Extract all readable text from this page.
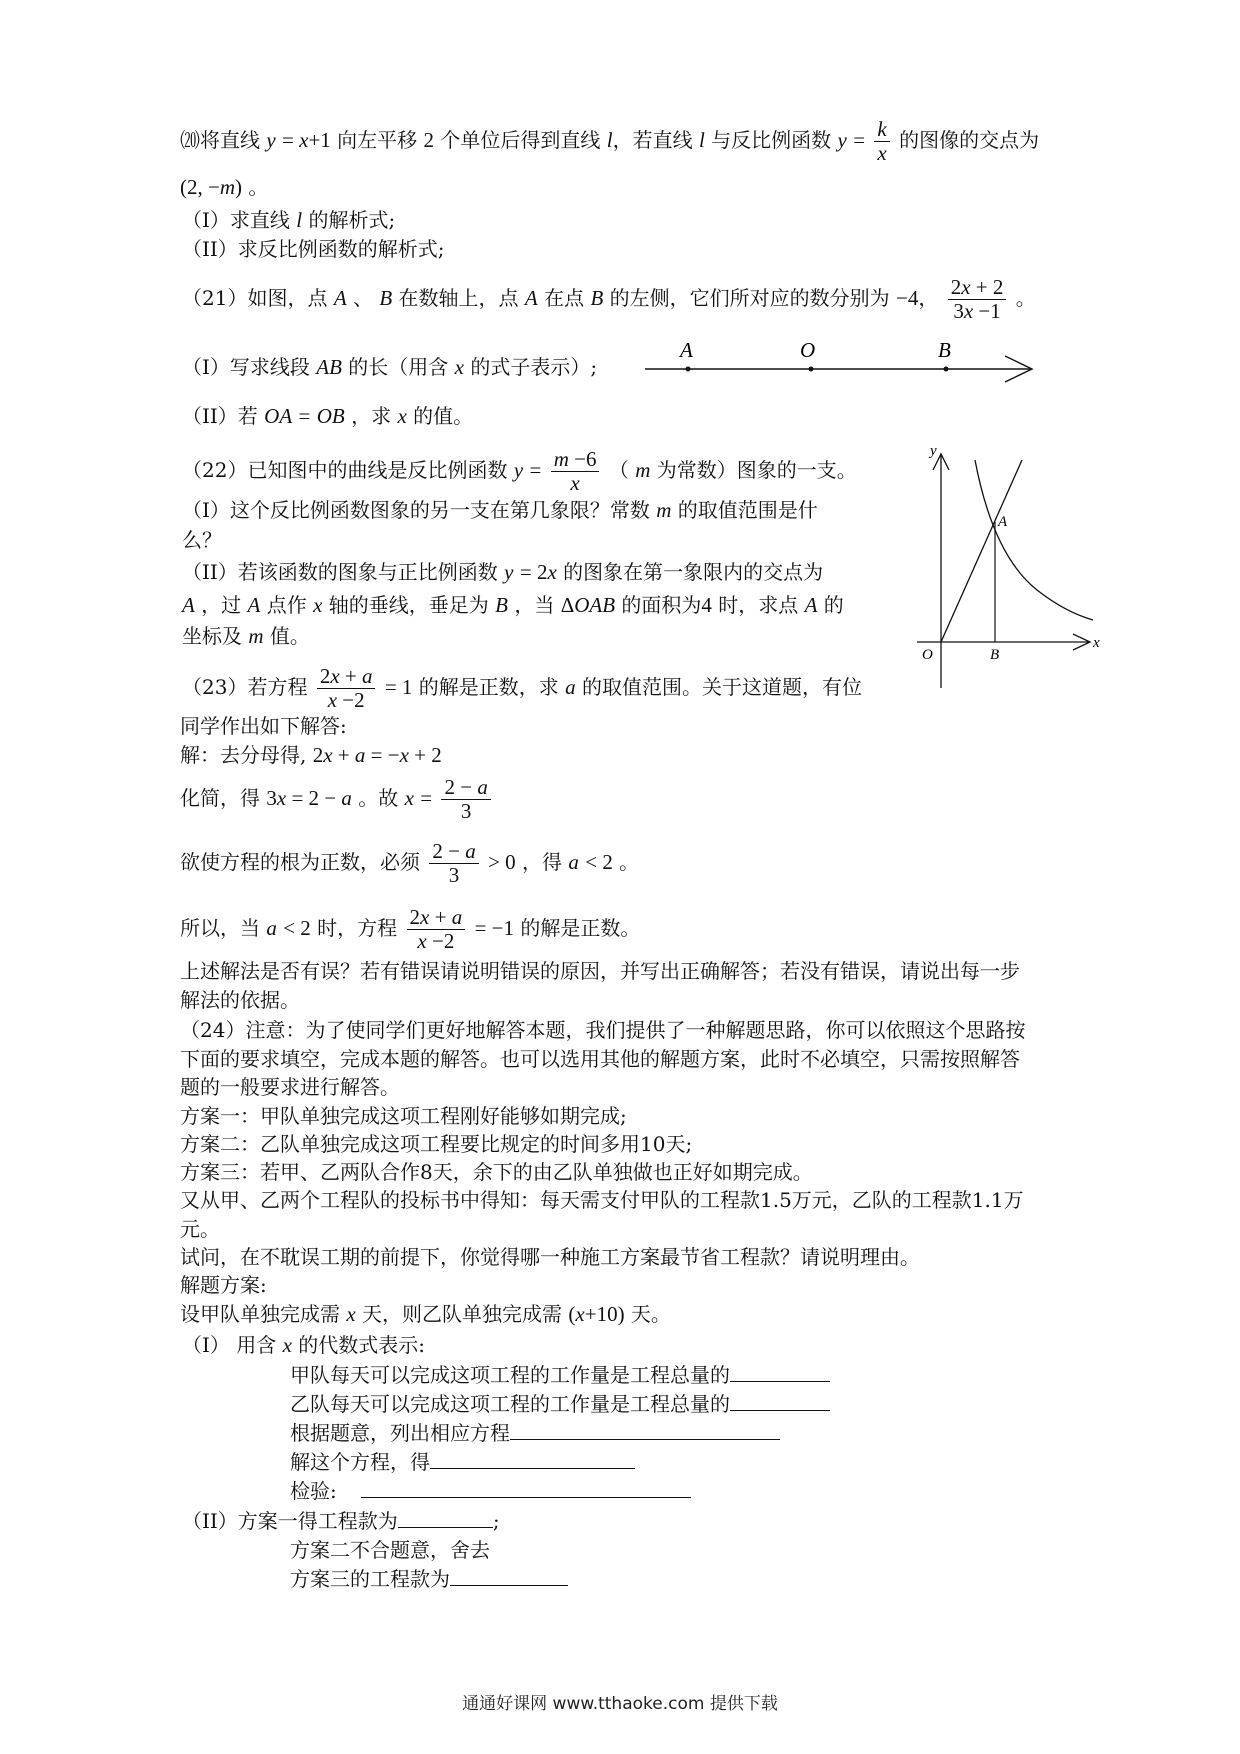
⒇将直线 y = x+1 向左平移 2 个单位后得到直线 l，若直线 l 与反比例函数 $y = \frac{k}{x}$ 的图像的交点为
(2, −m) 。
（I）求直线 l 的解析式;
（II）求反比例函数的解析式;
（21）如图，点 A 、 B 在数轴上，点 A 在点 B 的左侧，它们所对应的数分别为 −4， $\frac{2x + 2}{3x -1}$ 。
（I）写求线段 AB 的长（用含 x 的式子表示）;
A	O	B
（II）若 OA = OB ，求 x 的值。
（22）已知图中的曲线是反比例函数 $y = \frac{m -6}{x}$ （ m 为常数）图象的一支。
（I）这个反比例函数图象的另一支在第几象限？常数 m 的取值范围是什
么？
（II）若该函数的图象与正比例函数 y = 2x 的图象在第一象限内的交点为
A ，过 A 点作 x 轴的垂线，垂足为 B ，当 ΔOAB 的面积为4 时，求点 A 的
坐标及 m 值。
y
x
A
B
O
（23）若方程 $\frac{2x + a}{x -2} = 1$ 的解是正数，求 a 的取值范围。关于这道题，有位
同学作出如下解答:
解：去分母得, 2x + a = −x + 2
化简，得 3x = 2 − a 。故 $x = \frac{2 - a}{3}$
欲使方程的根为正数，必须 $\frac{2 - a}{3} > 0$ ，得 a < 2 。
所以，当 a < 2 时，方程 $\frac{2x + a}{x -2} = -1$ 的解是正数。
上述解法是否有误？若有错误请说明错误的原因，并写出正确解答；若没有错误，请说出每一步
解法的依据。
（24）注意：为了使同学们更好地解答本题，我们提供了一种解题思路，你可以依照这个思路按
下面的要求填空，完成本题的解答。也可以选用其他的解题方案，此时不必填空，只需按照解答
题的一般要求进行解答。
方案一：甲队单独完成这项工程刚好能够如期完成;
方案二：乙队单独完成这项工程要比规定的时间多用10天;
方案三：若甲、乙两队合作8天，余下的由乙队单独做也正好如期完成。
又从甲、乙两个工程队的投标书中得知：每天需支付甲队的工程款1.5万元，乙队的工程款1.1万
元。
试问，在不耽误工期的前提下，你觉得哪一种施工方案最节省工程款？请说明理由。
解题方案:
设甲队单独完成需 x 天，则乙队单独完成需 (x+10) 天。
（I） 用含 x 的代数式表示:
甲队每天可以完成这项工程的工作量是工程总量的
乙队每天可以完成这项工程的工作量是工程总量的
根据题意，列出相应方程
解这个方程，得
检验:
（II）方案一得工程款为	;
方案二不合题意，舍去
方案三的工程款为
通通好课网 www.tthaoke.com 提供下载
